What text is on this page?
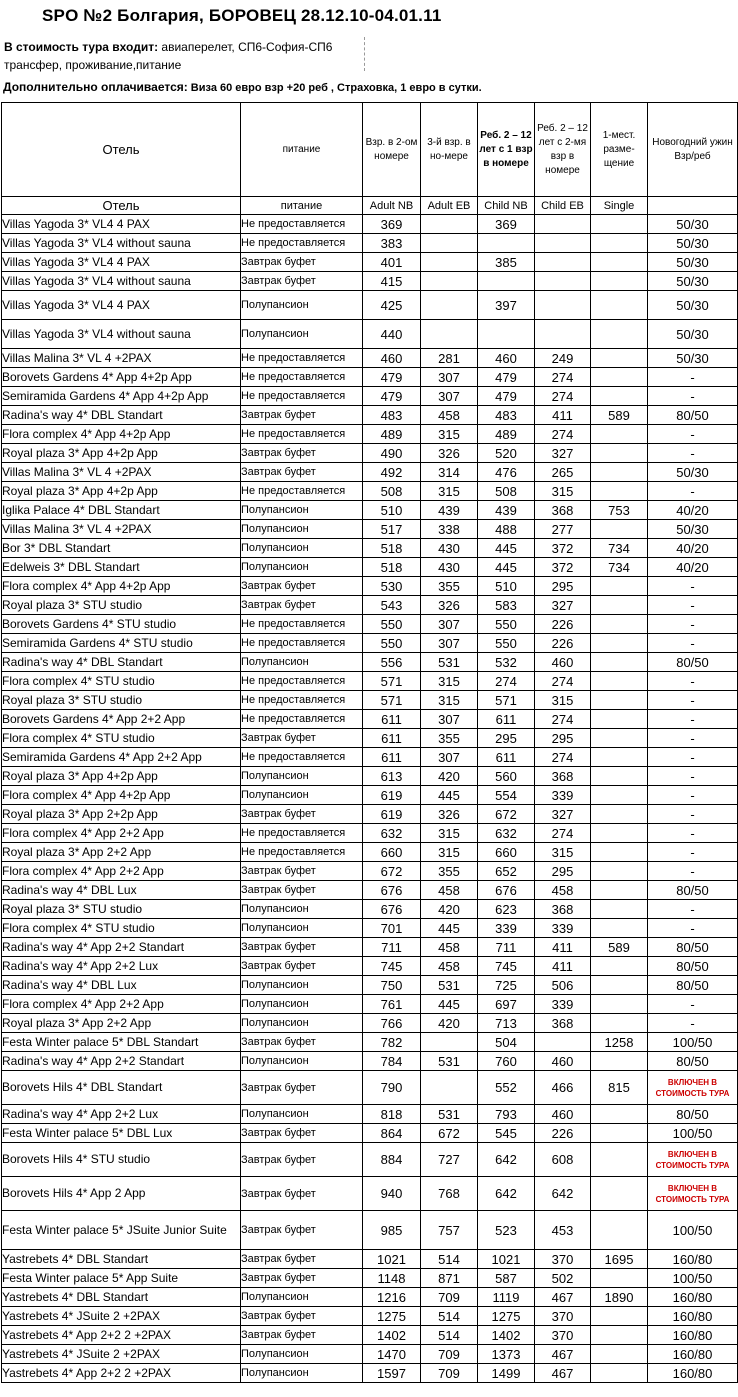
SPO №2 Болгария, БОРОВЕЦ 28.12.10-04.01.11
В стоимость тура входит: авиаперелет, СП6-София-СП6
трансфер, проживание,питание
Дополнительно оплачивается: Виза 60 евро взр +20 реб , Страховка, 1 евро в сутки.
Отель	питание	Взр. в 2-ом номере	3-й взр. в но-мере	Реб. 2 – 12 лет с 1 взр в номере	Реб. 2 – 12 лет с 2-мя взр в номере	1-мест. разме-щение	Новогодний ужин Взр/реб
Отель	питание	Adult NB	Adult EB	Child NB	Child EB	Single	
Villas Yagoda 3* VL4 4 PAX	Не предоставляется	369		369			50/30
Villas Yagoda 3* VL4 without sauna	Не предоставляется	383					50/30
Villas Yagoda 3* VL4 4 PAX	Завтрак буфет	401		385			50/30
Villas Yagoda 3* VL4 without sauna	Завтрак буфет	415					50/30
Villas Yagoda 3* VL4 4 PAX	Полупансион	425		397			50/30
Villas Yagoda 3* VL4 without sauna	Полупансион	440					50/30
Villas Malina 3* VL 4 +2PAX	Не предоставляется	460	281	460	249		50/30
Borovets Gardens 4* App 4+2p App	Не предоставляется	479	307	479	274		-
Semiramida Gardens 4* App 4+2p App	Не предоставляется	479	307	479	274		-
Radina's way 4* DBL Standart	Завтрак буфет	483	458	483	411	589	80/50
Flora complex 4* App 4+2p App	Не предоставляется	489	315	489	274		-
Royal plaza 3* App 4+2p App	Завтрак буфет	490	326	520	327		-
Villas Malina 3* VL 4 +2PAX	Завтрак буфет	492	314	476	265		50/30
Royal plaza 3* App 4+2p App	Не предоставляется	508	315	508	315		-
Iglika Palace 4* DBL Standart	Полупансион	510	439	439	368	753	40/20
Villas Malina 3* VL 4 +2PAX	Полупансион	517	338	488	277		50/30
Bor 3* DBL Standart	Полупансион	518	430	445	372	734	40/20
Edelweis 3* DBL Standart	Полупансион	518	430	445	372	734	40/20
Flora complex 4* App 4+2p App	Завтрак буфет	530	355	510	295		-
Royal plaza 3* STU studio	Завтрак буфет	543	326	583	327		-
Borovets Gardens 4* STU studio	Не предоставляется	550	307	550	226		-
Semiramida Gardens 4* STU studio	Не предоставляется	550	307	550	226		-
Radina's way 4* DBL Standart	Полупансион	556	531	532	460		80/50
Flora complex 4* STU studio	Не предоставляется	571	315	274	274		-
Royal plaza 3* STU studio	Не предоставляется	571	315	571	315		-
Borovets Gardens 4* App 2+2 App	Не предоставляется	611	307	611	274		-
Flora complex 4* STU studio	Завтрак буфет	611	355	295	295		-
Semiramida Gardens 4* App 2+2 App	Не предоставляется	611	307	611	274		-
Royal plaza 3* App 4+2p App	Полупансион	613	420	560	368		-
Flora complex 4* App 4+2p App	Полупансион	619	445	554	339		-
Royal plaza 3* App 2+2p App	Завтрак буфет	619	326	672	327		-
Flora complex 4* App 2+2 App	Не предоставляется	632	315	632	274		-
Royal plaza 3* App 2+2 App	Не предоставляется	660	315	660	315		-
Flora complex 4* App 2+2 App	Завтрак буфет	672	355	652	295		-
Radina's way 4* DBL Lux	Завтрак буфет	676	458	676	458		80/50
Royal plaza 3* STU studio	Полупансион	676	420	623	368		-
Flora complex 4* STU studio	Полупансион	701	445	339	339		-
Radina's way 4* App 2+2 Standart	Завтрак буфет	711	458	711	411	589	80/50
Radina's way 4* App 2+2 Lux	Завтрак буфет	745	458	745	411		80/50
Radina's way 4* DBL Lux	Полупансион	750	531	725	506		80/50
Flora complex 4* App 2+2 App	Полупансион	761	445	697	339		-
Royal plaza 3* App 2+2 App	Полупансион	766	420	713	368		-
Festa Winter palace 5* DBL Standart	Завтрак буфет	782		504		1258	100/50
Radina's way 4* App 2+2 Standart	Полупансион	784	531	760	460		80/50
Borovets Hils 4* DBL Standart	Завтрак буфет	790		552	466	815	ВКЛЮЧЕН В СТОИМОСТЬ ТУРА

Radina's way 4* App 2+2 Lux	Полупансион	818	531	793	460		80/50
Festa Winter palace 5* DBL Lux	Завтрак буфет	864	672	545	226		100/50
Borovets Hils 4* STU studio	Завтрак буфет	884	727	642	608		ВКЛЮЧЕН В СТОИМОСТЬ ТУРА

Borovets Hils 4* App 2 App	Завтрак буфет	940	768	642	642		ВКЛЮЧЕН В СТОИМОСТЬ ТУРА

Festa Winter palace 5* JSuite Junior Suite	Завтрак буфет	985	757	523	453		100/50
Yastrebets 4* DBL Standart	Завтрак буфет	1021	514	1021	370	1695	160/80
Festa Winter palace 5* App Suite	Завтрак буфет	1148	871	587	502		100/50
Yastrebets 4* DBL Standart	Полупансион	1216	709	1119	467	1890	160/80
Yastrebets 4* JSuite 2 +2PAX	Завтрак буфет	1275	514	1275	370		160/80
Yastrebets 4* App 2+2 2 +2PAX	Завтрак буфет	1402	514	1402	370		160/80
Yastrebets 4* JSuite 2 +2PAX	Полупансион	1470	709	1373	467		160/80
Yastrebets 4* App 2+2 2 +2PAX	Полупансион	1597	709	1499	467		160/80
